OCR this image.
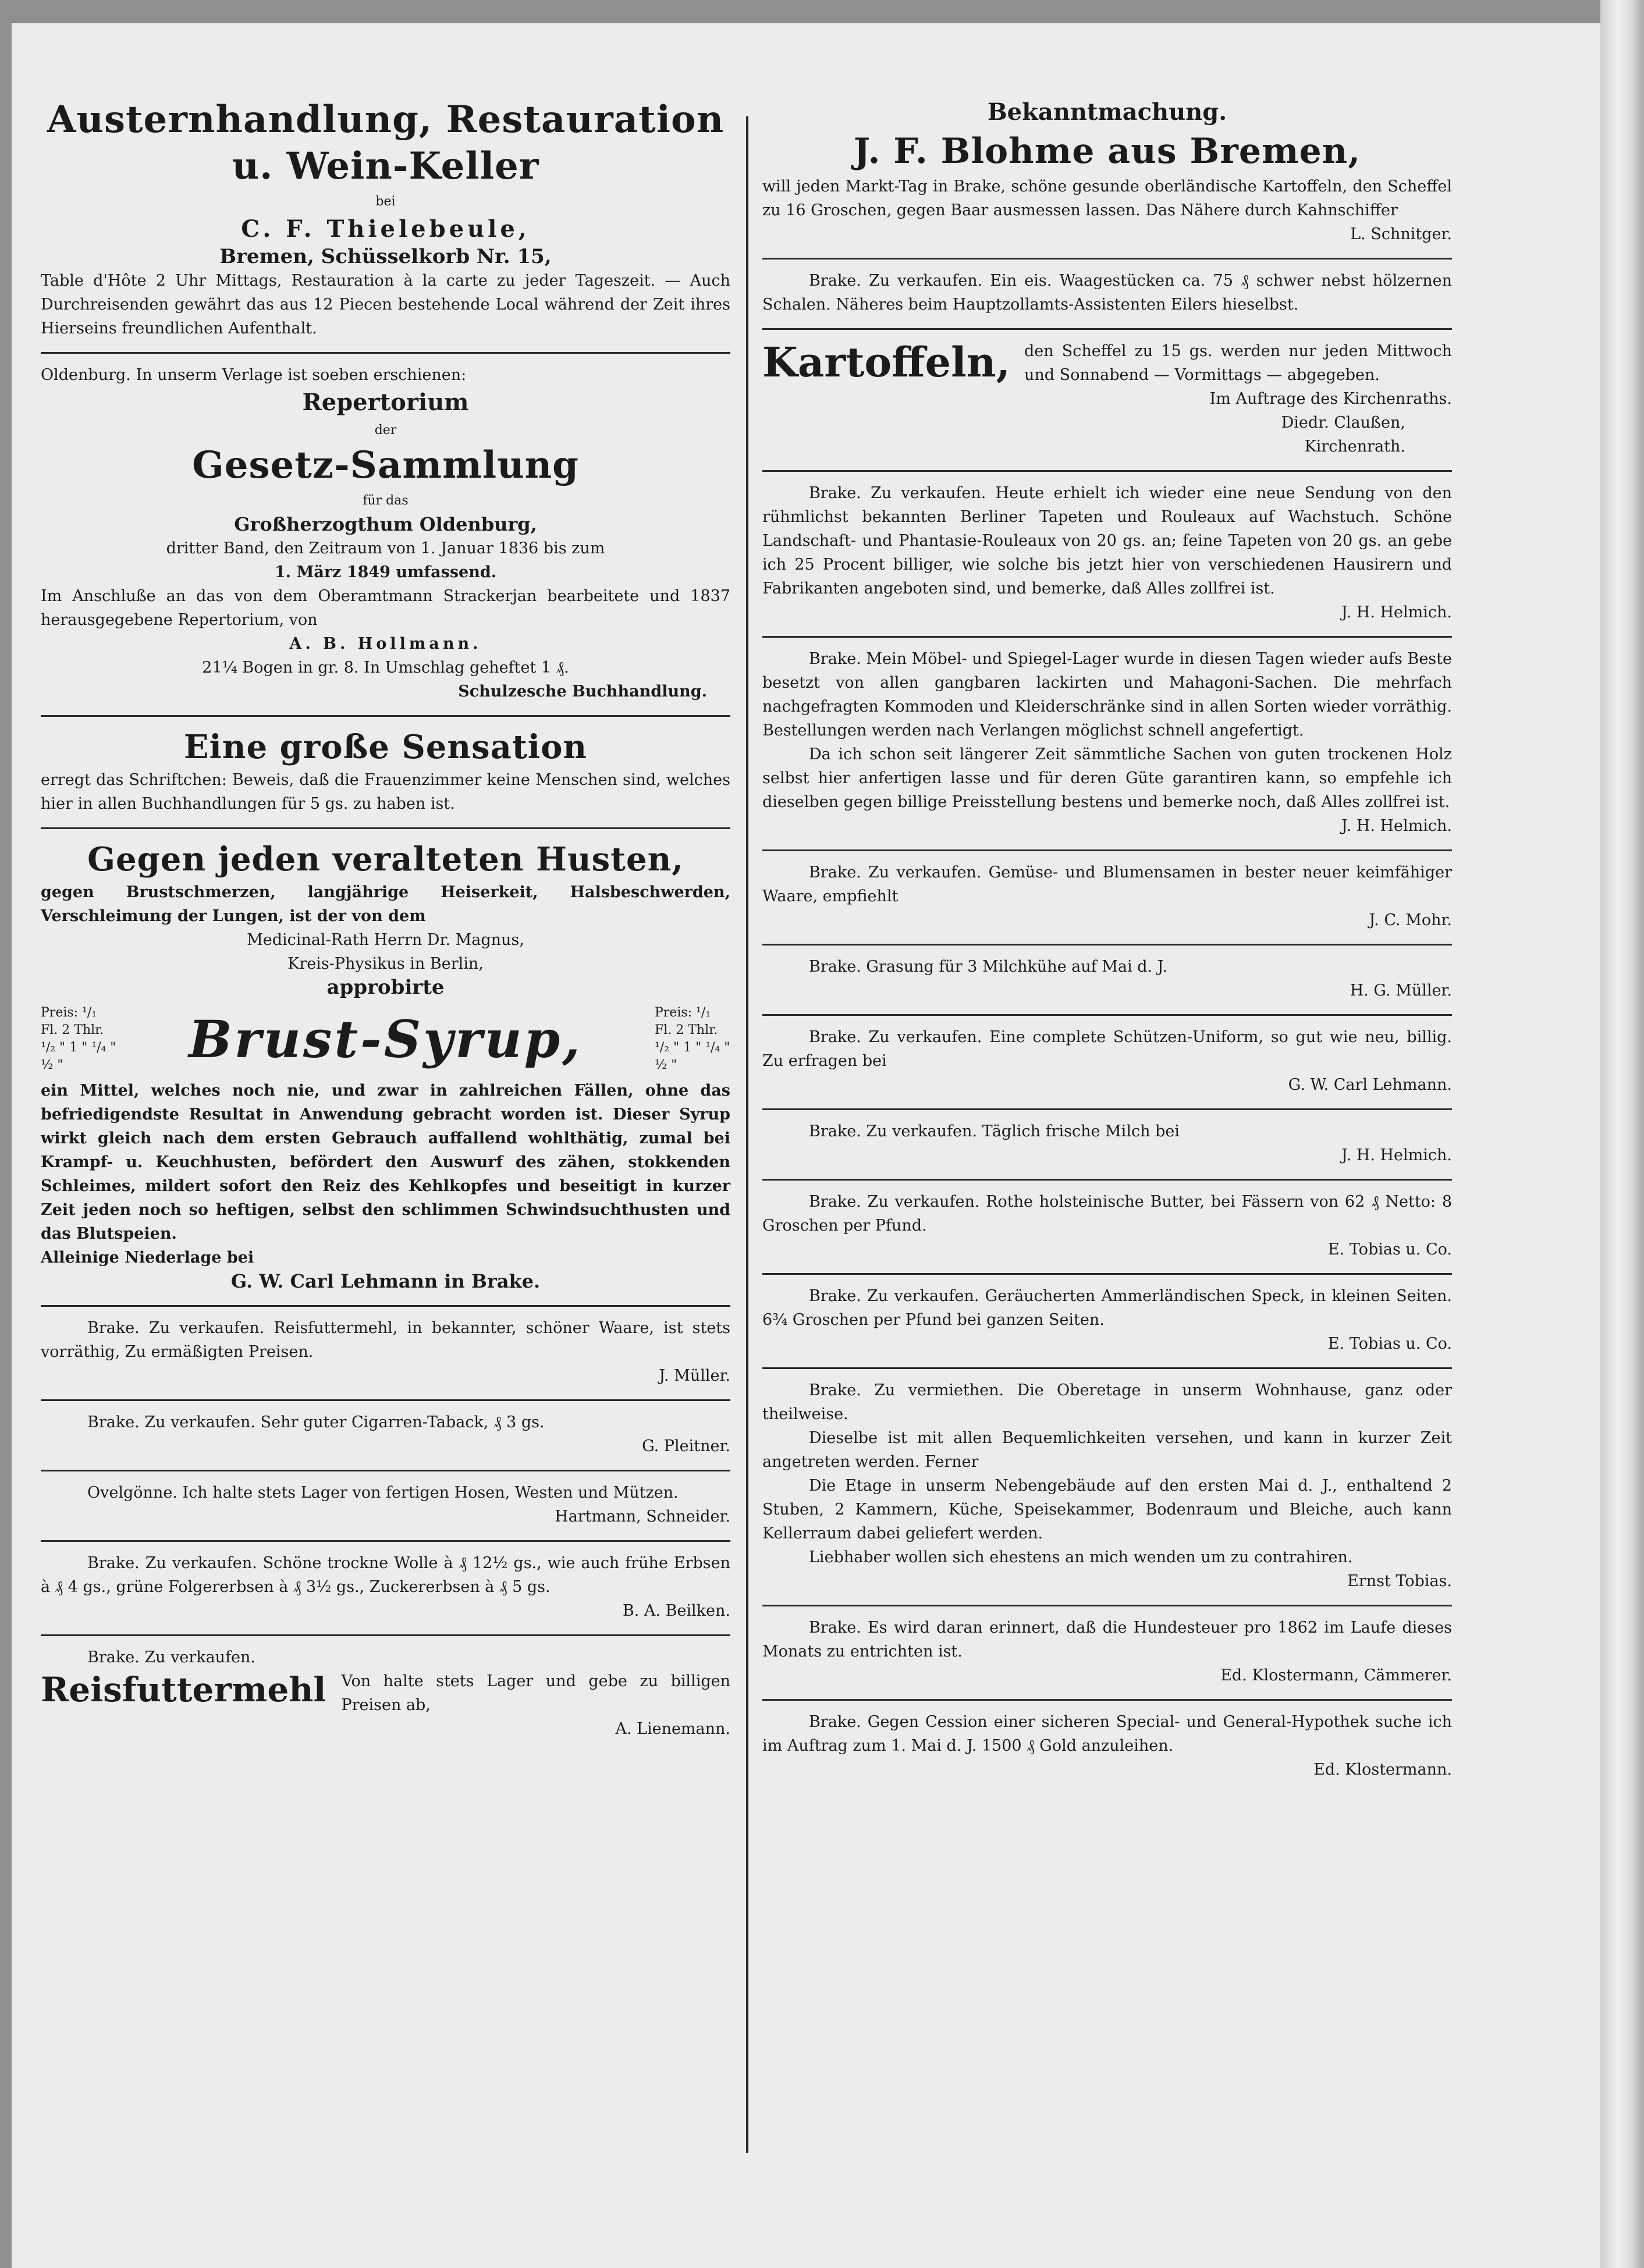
Austernhandlung, Restauration
u. Wein-Keller

bei

C. F. Thielebeule,

Bremen, Schüsselkorb Nr. 15,

Table d'Hôte 2 Uhr Mittags, Restauration à la carte zu jeder Tageszeit. — Auch Durchreisenden gewährt das aus 12 Piecen bestehende Local während der Zeit ihres Hierseins freundlichen Aufenthalt.

Oldenburg. In unserm Verlage ist soeben erschienen:

Repertorium

der

Gesetz-Sammlung

für das

Großherzogthum Oldenburg,

dritter Band, den Zeitraum von 1. Januar 1836 bis zum

1. März 1849 umfassend.

Im Anschluße an das von dem Oberamtmann Strackerjan bearbeitete und 1837 herausgegebene Repertorium, von

A. B. Hollmann.

21¼ Bogen in gr. 8. In Umschlag geheftet 1 ₰.

Schulzesche Buchhandlung.

Eine große Sensation

erregt das Schriftchen: Beweis, daß die Frauenzimmer keine Menschen sind, welches hier in allen Buchhandlungen für 5 gs. zu haben ist.

Gegen jeden veralteten Husten,

gegen Brustschmerzen, langjährige Heiserkeit, Halsbeschwerden, Verschleimung der Lungen, ist der von dem

Medicinal-Rath Herrn Dr. Magnus,

Kreis-Physikus in Berlin,

approbirte

Preis: ¹/₁ Fl. 2 Thlr. ¹/₂ " 1 " ¹/₄ " ½ "	Brust-Syrup,	Preis: ¹/₁ Fl. 2 Thlr. ¹/₂ " 1 " ¹/₄ " ½ "

ein Mittel, welches noch nie, und zwar in zahlreichen Fällen, ohne das befriedigendste Resultat in Anwendung gebracht worden ist. Dieser Syrup wirkt gleich nach dem ersten Gebrauch auffallend wohlthätig, zumal bei Krampf- u. Keuchhusten, befördert den Auswurf des zähen, stokkenden Schleimes, mildert sofort den Reiz des Kehlkopfes und beseitigt in kurzer Zeit jeden noch so heftigen, selbst den schlimmen Schwindsuchthusten und das Blutspeien.

Alleinige Niederlage bei

G. W. Carl Lehmann in Brake.

Brake. Zu verkaufen. Reisfuttermehl, in bekannter, schöner Waare, ist stets vorräthig, Zu ermäßigten Preisen.

J. Müller.

Brake. Zu verkaufen. Sehr guter Cigarren-Taback, ₰ 3 gs.

G. Pleitner.

Ovelgönne. Ich halte stets Lager von fertigen Hosen, Westen und Mützen.

Hartmann, Schneider.

Brake. Zu verkaufen. Schöne trockne Wolle à ₰ 12½ gs., wie auch frühe Erbsen à ₰ 4 gs., grüne Folgererbsen à ₰ 3½ gs., Zuckererbsen à ₰ 5 gs.

B. A. Beilken.

Brake. Zu verkaufen.

Reisfuttermehl Von halte stets Lager und gebe zu billigen Preisen ab,

A. Lienemann.

Bekanntmachung.
J. F. Blohme aus Bremen,

will jeden Markt-Tag in Brake, schöne gesunde oberländische Kartoffeln, den Scheffel zu 16 Groschen, gegen Baar ausmessen lassen. Das Nähere durch Kahnschiffer

L. Schnitger.

Brake. Zu verkaufen. Ein eis. Waagestücken ca. 75 ₰ schwer nebst hölzernen Schalen. Näheres beim Hauptzollamts-Assistenten Eilers hieselbst.

Kartoffeln, den Scheffel zu 15 gs. werden nur jeden Mittwoch und Sonnabend — Vormittags — abgegeben.

Im Auftrage des Kirchenraths.

Diedr. Claußen,

Kirchenrath.

Brake. Zu verkaufen. Heute erhielt ich wieder eine neue Sendung von den rühmlichst bekannten Berliner Tapeten und Rouleaux auf Wachstuch. Schöne Landschaft- und Phantasie-Rouleaux von 20 gs. an; feine Tapeten von 20 gs. an gebe ich 25 Procent billiger, wie solche bis jetzt hier von verschiedenen Hausirern und Fabrikanten angeboten sind, und bemerke, daß Alles zollfrei ist.

J. H. Helmich.

Brake. Mein Möbel- und Spiegel-Lager wurde in diesen Tagen wieder aufs Beste besetzt von allen gangbaren lackirten und Mahagoni-Sachen. Die mehrfach nachgefragten Kommoden und Kleiderschränke sind in allen Sorten wieder vorräthig. Bestellungen werden nach Verlangen möglichst schnell angefertigt.

Da ich schon seit längerer Zeit sämmtliche Sachen von guten trockenen Holz selbst hier anfertigen lasse und für deren Güte garantiren kann, so empfehle ich dieselben gegen billige Preisstellung bestens und bemerke noch, daß Alles zollfrei ist.

J. H. Helmich.

Brake. Zu verkaufen. Gemüse- und Blumensamen in bester neuer keimfähiger Waare, empfiehlt

J. C. Mohr.

Brake. Grasung für 3 Milchkühe auf Mai d. J.

H. G. Müller.

Brake. Zu verkaufen. Eine complete Schützen-Uniform, so gut wie neu, billig. Zu erfragen bei

G. W. Carl Lehmann.

Brake. Zu verkaufen. Täglich frische Milch bei

J. H. Helmich.

Brake. Zu verkaufen. Rothe holsteinische Butter, bei Fässern von 62 ₰ Netto: 8 Groschen per Pfund.

E. Tobias u. Co.

Brake. Zu verkaufen. Geräucherten Ammerländischen Speck, in kleinen Seiten. 6¾ Groschen per Pfund bei ganzen Seiten.

E. Tobias u. Co.

Brake. Zu vermiethen. Die Oberetage in unserm Wohnhause, ganz oder theilweise.

Dieselbe ist mit allen Bequemlichkeiten versehen, und kann in kurzer Zeit angetreten werden. Ferner

Die Etage in unserm Nebengebäude auf den ersten Mai d. J., enthaltend 2 Stuben, 2 Kammern, Küche, Speisekammer, Bodenraum und Bleiche, auch kann Kellerraum dabei geliefert werden.

Liebhaber wollen sich ehestens an mich wenden um zu contrahiren.

Ernst Tobias.

Brake. Es wird daran erinnert, daß die Hundesteuer pro 1862 im Laufe dieses Monats zu entrichten ist.

Ed. Klostermann, Cämmerer.

Brake. Gegen Cession einer sicheren Special- und General-Hypothek suche ich im Auftrag zum 1. Mai d. J. 1500 ₰ Gold anzuleihen.

Ed. Klostermann.
